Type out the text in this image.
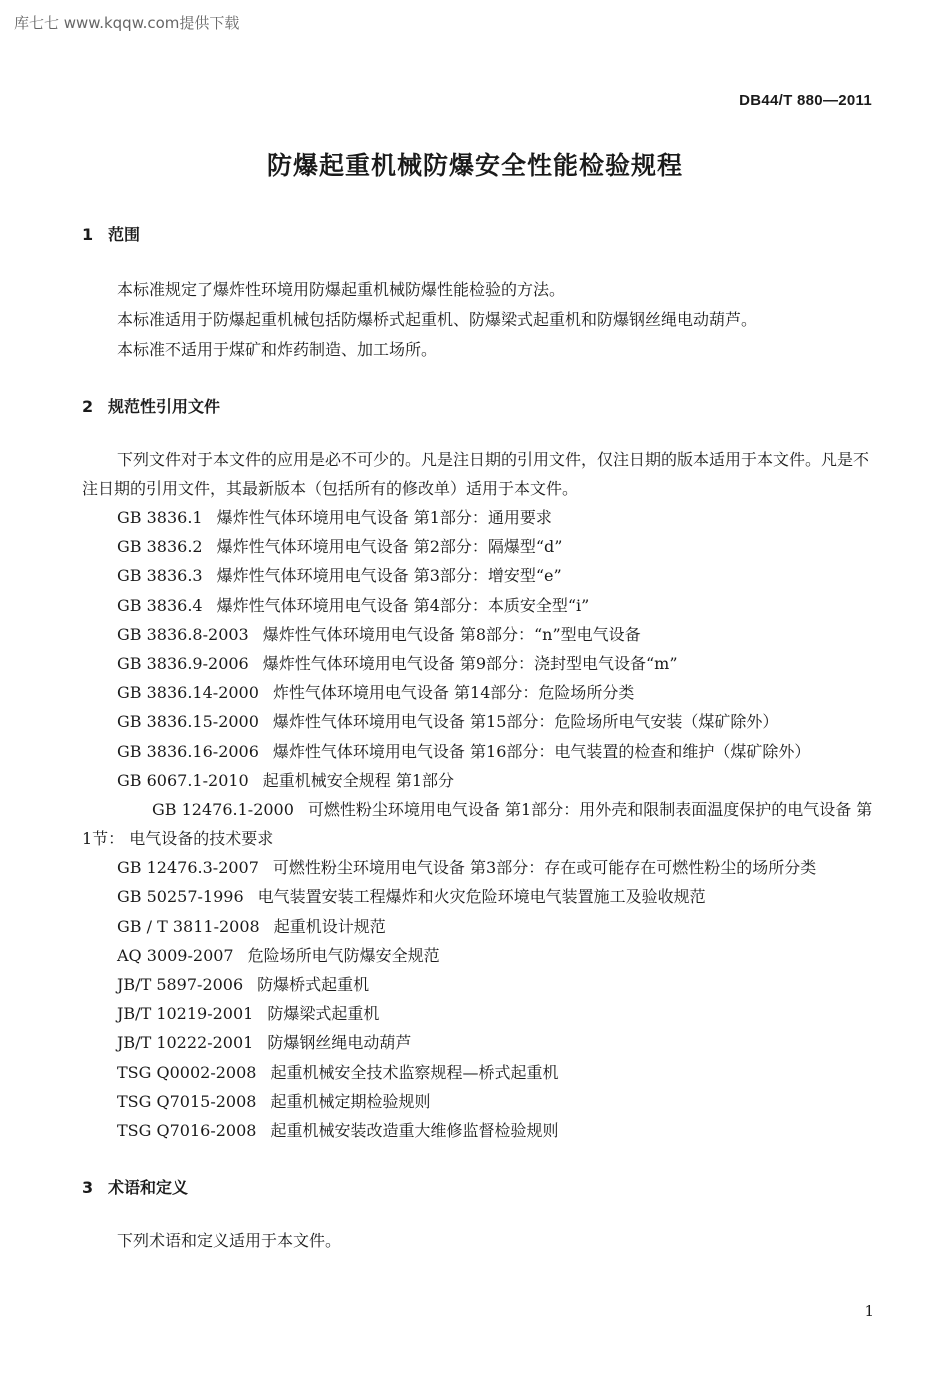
库七七 www.kqqw.com提供下载
DB44/T 880—2011
防爆起重机械防爆安全性能检验规程
1 范围
本标准规定了爆炸性环境用防爆起重机械防爆性能检验的方法。
本标准适用于防爆起重机械包括防爆桥式起重机、防爆梁式起重机和防爆钢丝绳电动葫芦。
本标准不适用于煤矿和炸药制造、加工场所。
2 规范性引用文件
下列文件对于本文件的应用是必不可少的。凡是注日期的引用文件，仅注日期的版本适用于本文件。凡是不注日期的引用文件，其最新版本（包括所有的修改单）适用于本文件。
GB 3836.1 爆炸性气体环境用电气设备 第1部分：通用要求
GB 3836.2 爆炸性气体环境用电气设备 第2部分：隔爆型“d”
GB 3836.3 爆炸性气体环境用电气设备 第3部分：增安型“e”
GB 3836.4 爆炸性气体环境用电气设备 第4部分：本质安全型“i”
GB 3836.8-2003 爆炸性气体环境用电气设备 第8部分：“n”型电气设备
GB 3836.9-2006 爆炸性气体环境用电气设备 第9部分：浇封型电气设备“m”
GB 3836.14-2000 炸性气体环境用电气设备 第14部分：危险场所分类
GB 3836.15-2000 爆炸性气体环境用电气设备 第15部分：危险场所电气安装（煤矿除外）
GB 3836.16-2006 爆炸性气体环境用电气设备 第16部分：电气装置的检查和维护（煤矿除外）
GB 6067.1-2010 起重机械安全规程 第1部分
GB 12476.1-2000 可燃性粉尘环境用电气设备 第1部分：用外壳和限制表面温度保护的电气设备 第1节： 电气设备的技术要求
GB 12476.3-2007 可燃性粉尘环境用电气设备 第3部分：存在或可能存在可燃性粉尘的场所分类
GB 50257-1996 电气装置安装工程爆炸和火灾危险环境电气装置施工及验收规范
GB / T 3811-2008 起重机设计规范
AQ 3009-2007 危险场所电气防爆安全规范
JB/T 5897-2006 防爆桥式起重机
JB/T 10219-2001 防爆梁式起重机
JB/T 10222-2001 防爆钢丝绳电动葫芦
TSG Q0002-2008 起重机械安全技术监察规程—桥式起重机
TSG Q7015-2008 起重机械定期检验规则
TSG Q7016-2008 起重机械安装改造重大维修监督检验规则
3 术语和定义
下列术语和定义适用于本文件。
1
